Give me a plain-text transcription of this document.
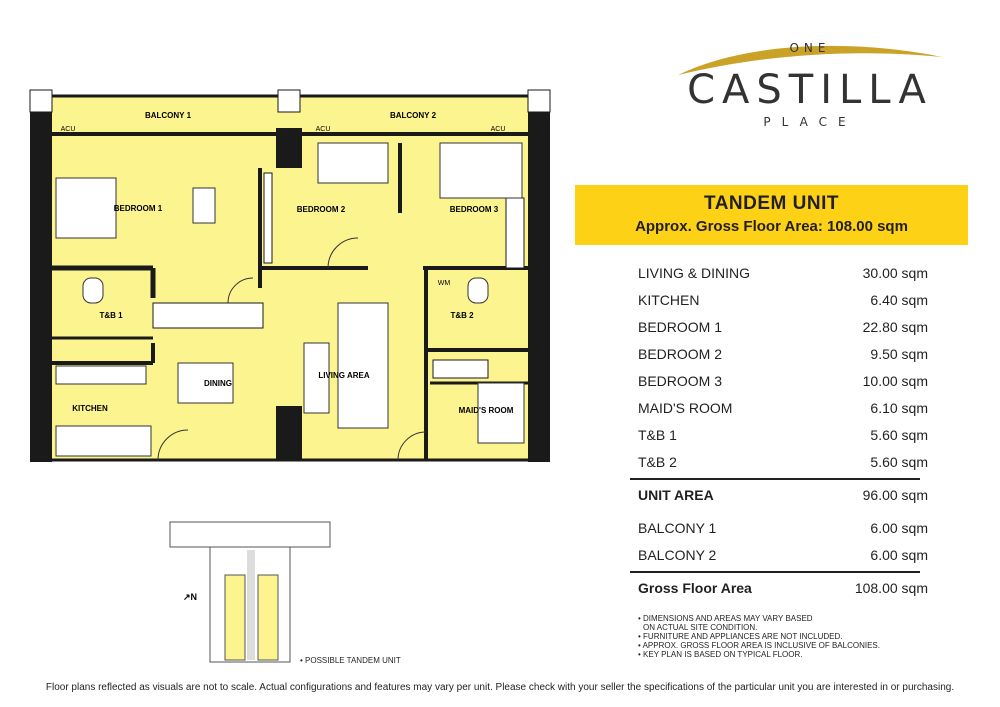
ONE
CASTILLA
PLACE
BALCONY 1	BALCONY 2
ACU	ACU	ACU
BEDROOM 1	BEDROOM 2	BEDROOM 3
T&B 1	T&B 2
WM
DINING
LIVING AREA
KITCHEN	MAID'S ROOM
↗N
• POSSIBLE TANDEM UNIT
TANDEM UNIT
Approx. Gross Floor Area: 108.00 sqm
LIVING & DINING	30.00 sqm
KITCHEN	6.40 sqm
BEDROOM 1	22.80 sqm
BEDROOM 2	9.50 sqm
BEDROOM 3	10.00 sqm
MAID'S ROOM	6.10 sqm
T&B 1	5.60 sqm
T&B 2	5.60 sqm
UNIT AREA	96.00 sqm
BALCONY 1	6.00 sqm
BALCONY 2	6.00 sqm
Gross Floor Area	108.00 sqm
• DIMENSIONS AND AREAS MAY VARY BASED
ON ACTUAL SITE CONDITION.
• FURNITURE AND APPLIANCES ARE NOT INCLUDED.
• APPROX. GROSS FLOOR AREA IS INCLUSIVE OF BALCONIES.
• KEY PLAN IS BASED ON TYPICAL FLOOR.
Floor plans reflected as visuals are not to scale. Actual configurations and features may vary per unit. Please check with your seller the specifications of the particular unit you are interested in or purchasing.
